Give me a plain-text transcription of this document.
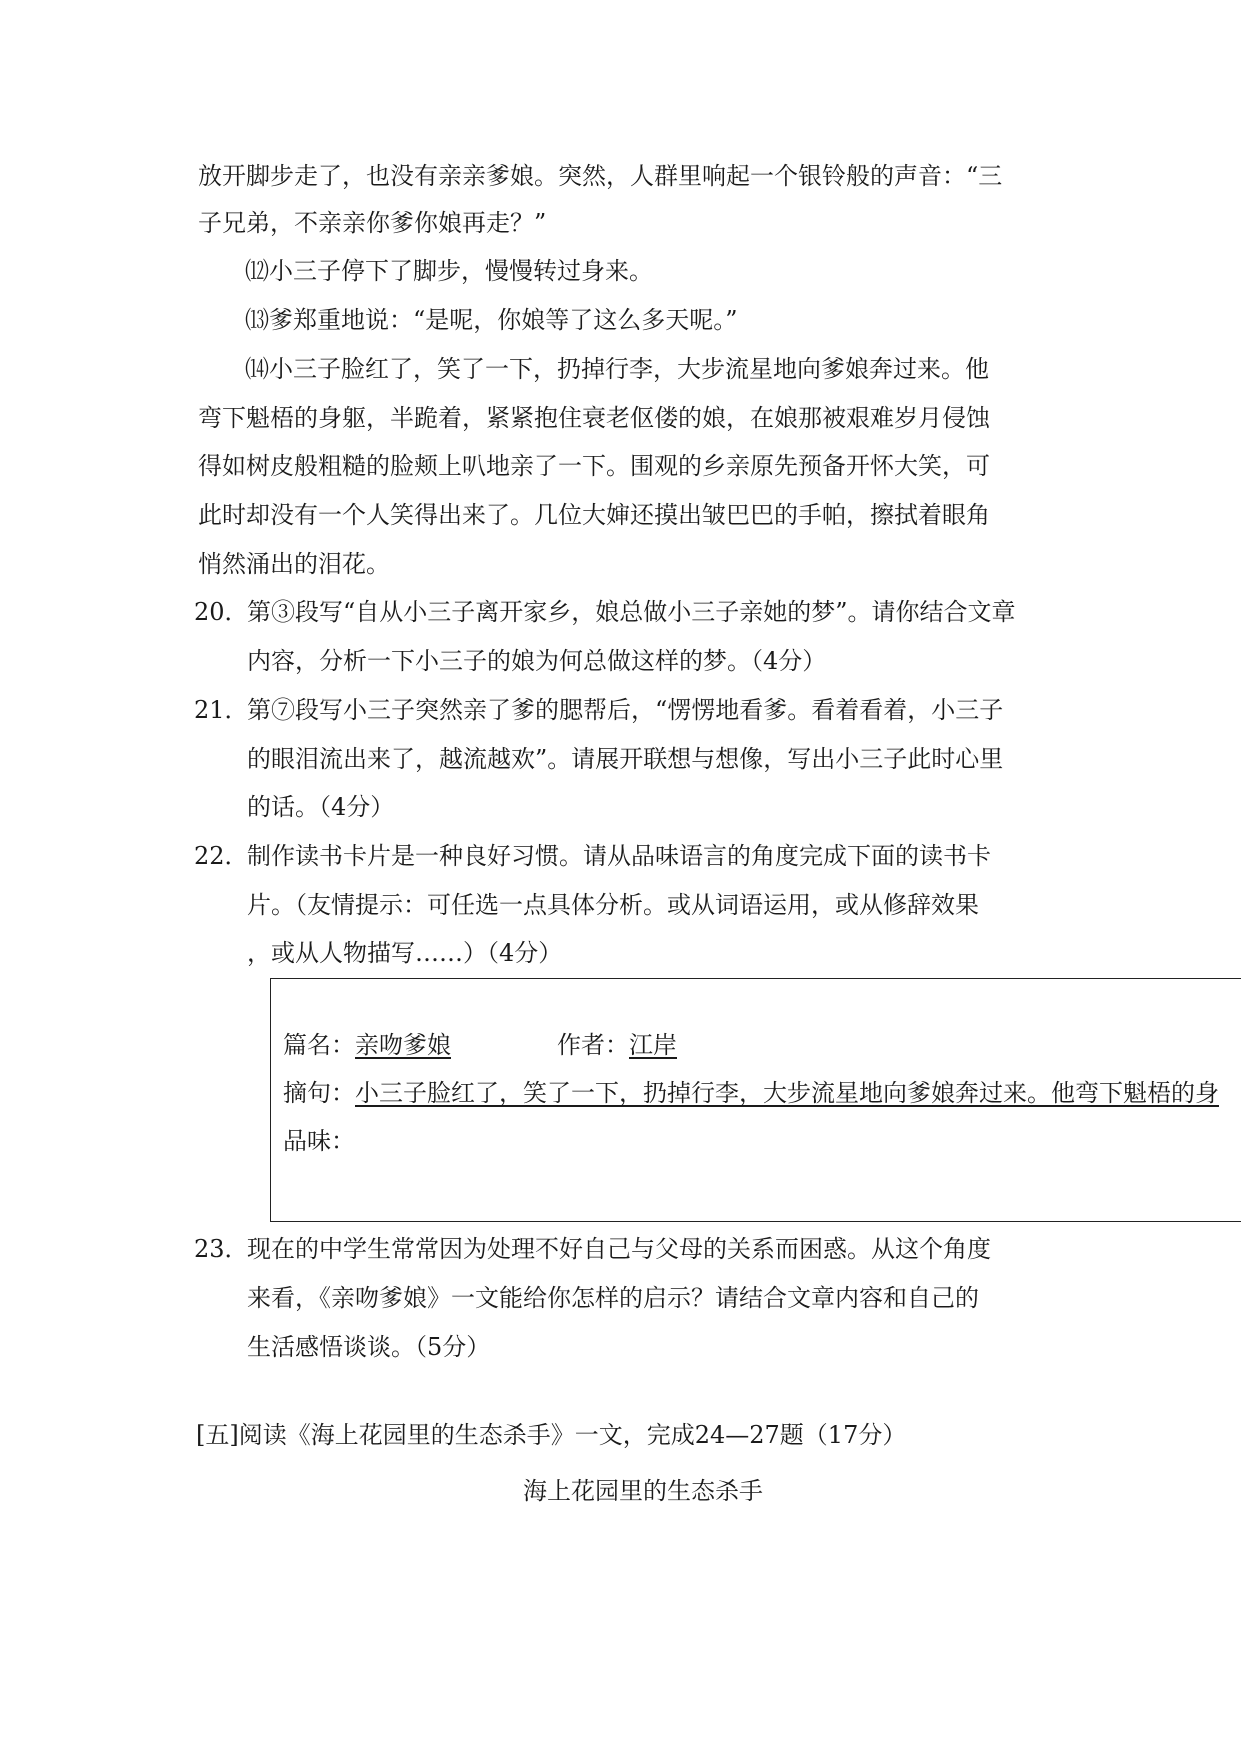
放开脚步走了，也没有亲亲爹娘。突然，人群里响起一个银铃般的声音：“三
子兄弟，不亲亲你爹你娘再走？”
⑿小三子停下了脚步，慢慢转过身来。
⒀爹郑重地说：“是呢，你娘等了这么多天呢。”
⒁小三子脸红了，笑了一下，扔掉行李，大步流星地向爹娘奔过来。他
弯下魁梧的身躯，半跪着，紧紧抱住衰老伛偻的娘，在娘那被艰难岁月侵蚀
得如树皮般粗糙的脸颊上叭地亲了一下。围观的乡亲原先预备开怀大笑，可
此时却没有一个人笑得出来了。几位大婶还摸出皱巴巴的手帕，擦拭着眼角
悄然涌出的泪花。
20．
第③段写“自从小三子离开家乡，娘总做小三子亲她的梦”。请你结合文章
内容，分析一下小三子的娘为何总做这样的梦。（4分）
21．
第⑦段写小三子突然亲了爹的腮帮后，“愣愣地看爹。看着看着，小三子
的眼泪流出来了，越流越欢”。请展开联想与想像，写出小三子此时心里
的话。（4分）
22．
制作读书卡片是一种良好习惯。请从品味语言的角度完成下面的读书卡
片。（友情提示：可任选一点具体分析。或从词语运用，或从修辞效果
，或从人物描写……）（4分）
篇名：亲吻爹娘	作者：江岸
摘句：小三子脸红了，笑了一下，扔掉行李，大步流星地向爹娘奔过来。他弯下魁梧的身
品味：
23．
现在的中学生常常因为处理不好自己与父母的关系而困惑。从这个角度
来看，《亲吻爹娘》一文能给你怎样的启示？请结合文章内容和自己的
生活感悟谈谈。（5分）
[五]阅读《海上花园里的生态杀手》一文，完成24—27题（17分）
海上花园里的生态杀手
